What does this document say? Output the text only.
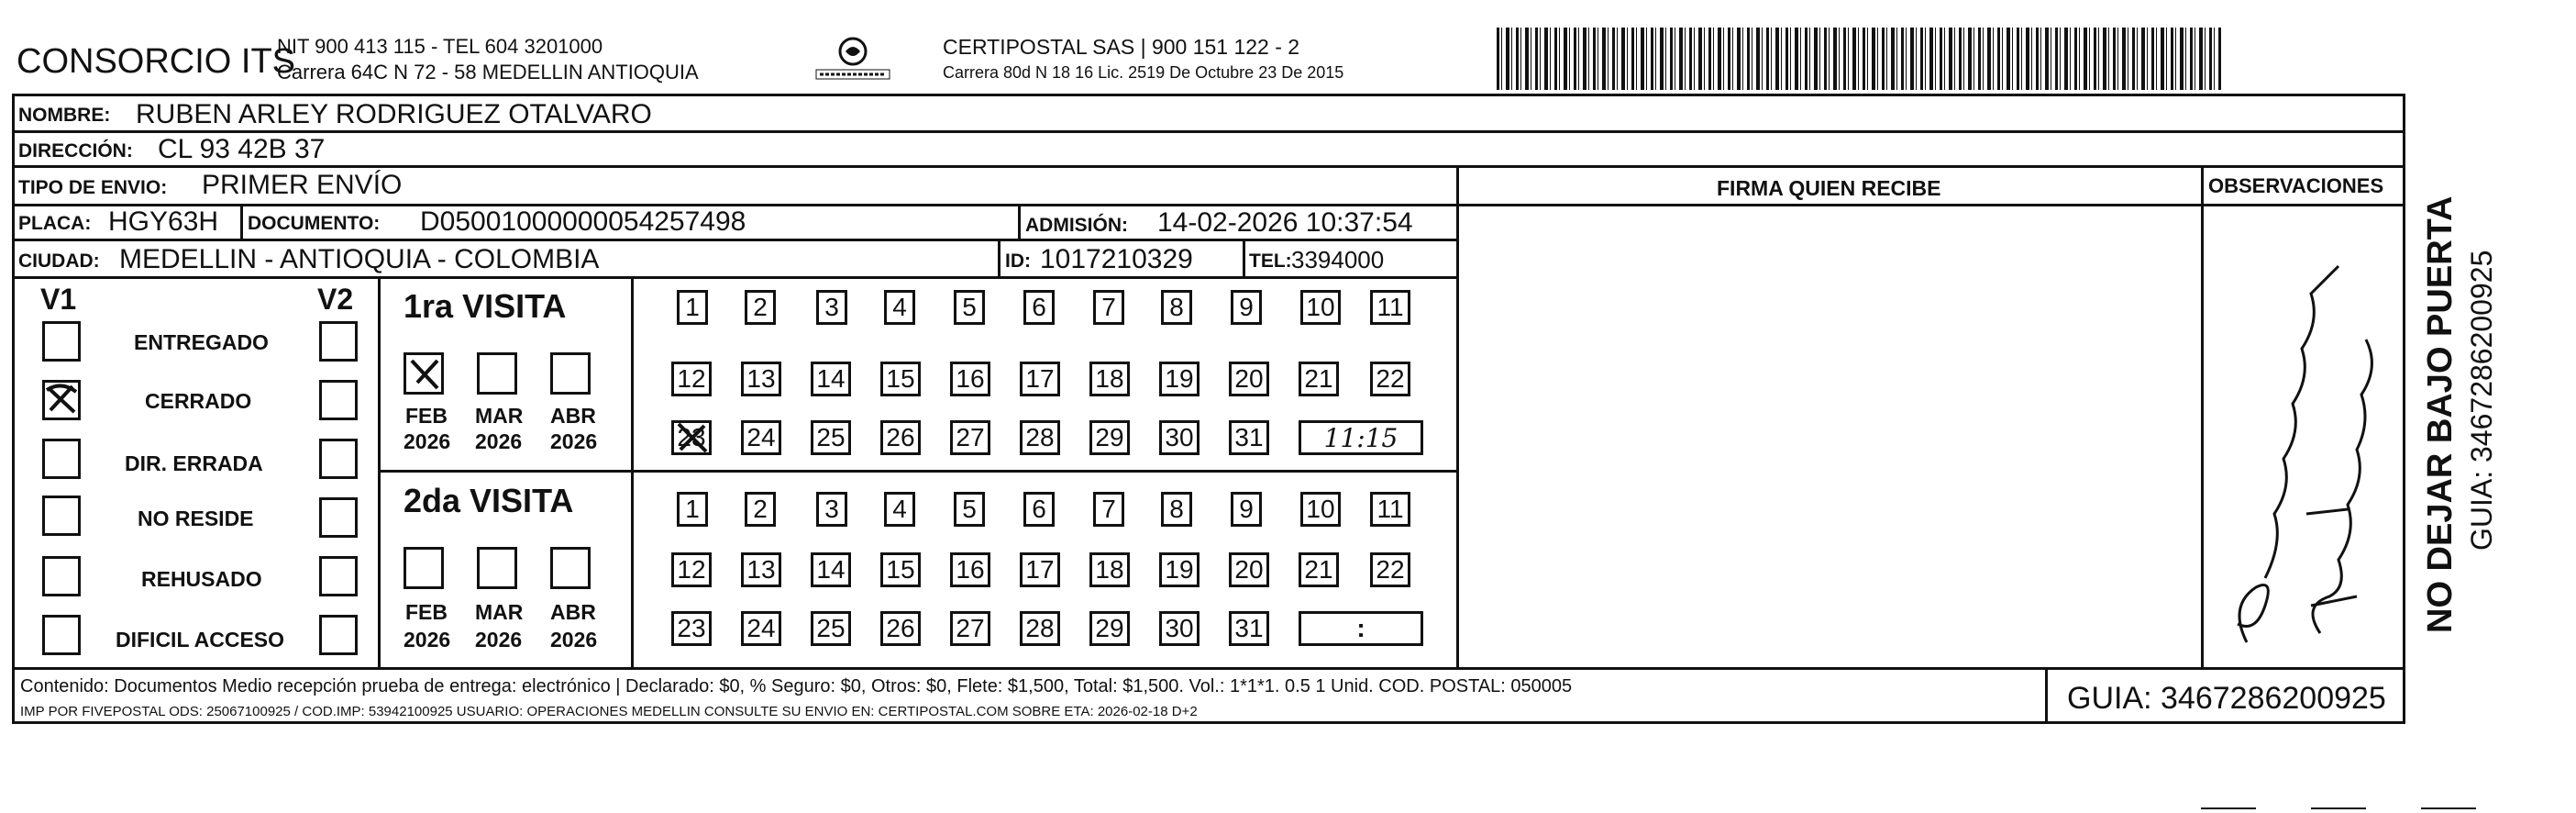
CONSORCIO ITS
NIT 900 413 115 - TEL 604 3201000
Carrera 64C N 72 - 58 MEDELLIN ANTIOQUIA
CERTIPOSTAL SAS | 900 151 122 - 2
Carrera 80d N 18 16 Lic. 2519 De Octubre 23 De 2015
NOMBRE: RUBEN ARLEY RODRIGUEZ OTALVARO
DIRECCIÓN: CL 93 42B 37
TIPO DE ENVIO: PRIMER ENVÍO	FIRMA QUIEN RECIBE	OBSERVACIONES
PLACA: HGY63H DOCUMENTO: D05001000000054257498	ADMISIÓN: 14-02-2026 10:37:54
CIUDAD: MEDELLIN - ANTIOQUIA - COLOMBIA	ID: 1017210329	TEL: 3394000
V1	V2
ENTREGADO
CERRADO
DIR. ERRADA
NO RESIDE
REHUSADO
DIFICIL ACCESO
1ra VISITA
FEB MAR ABR
2026 2026 2026
1	2	3	4	5	6	7	8	9	10 11
12 13 14 15 16 17 18 19 20 21 22
23 24 25 26 27 28 29 30 31	11:15
2da VISITA
FEB MAR ABR
2026 2026 2026
1	2	3	4	5	6	7	8	9	10 11
12 13 14 15 16 17 18 19 20 21 22
23 24 25 26 27 28 29 30 31	:
Contenido: Documentos Medio recepción prueba de entrega: electrónico | Declarado: $0, % Seguro: $0, Otros: $0, Flete: $1,500, Total: $1,500. Vol.: 1*1*1. 0.5 1 Unid. COD. POSTAL: 050005
IMP POR FIVEPOSTAL ODS: 25067100925 / COD.IMP: 53942100925 USUARIO: OPERACIONES MEDELLIN CONSULTE SU ENVIO EN: CERTIPOSTAL.COM SOBRE ETA: 2026-02-18 D+2	GUIA: 3467286200925
NO DEJAR BAJO PUERTA GUIA: 3467286200925
